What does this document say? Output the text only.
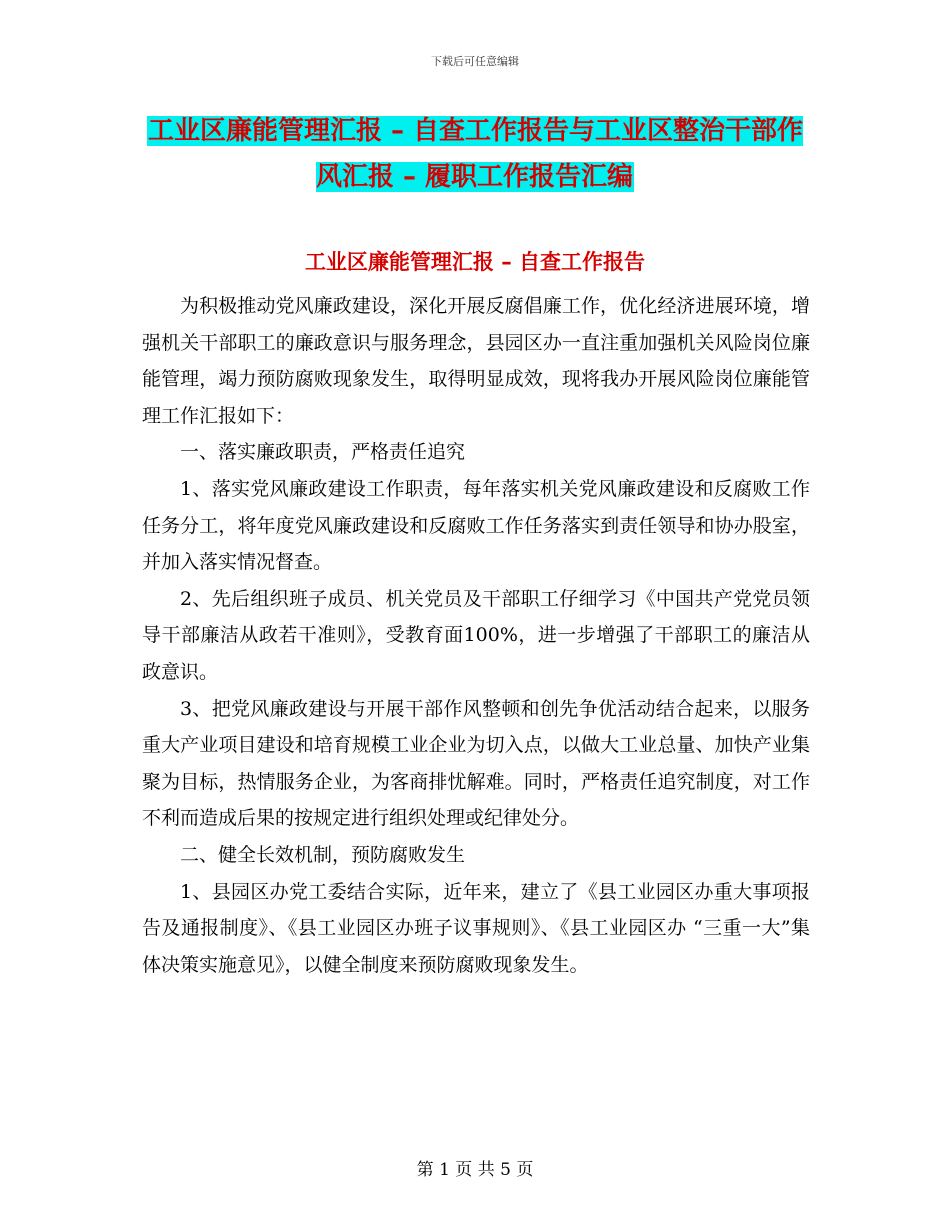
下载后可任意编辑
工业区廉能管理汇报 – 自查工作报告与工业区整治干部作风汇报 – 履职工作报告汇编
工业区廉能管理汇报 – 自查工作报告

为积极推动党风廉政建设，深化开展反腐倡廉工作，优化经济进展环境，增强机关干部职工的廉政意识与服务理念，县园区办一直注重加强机关风险岗位廉能管理，竭力预防腐败现象发生，取得明显成效，现将我办开展风险岗位廉能管理工作汇报如下：

一、落实廉政职责，严格责任追究

1、落实党风廉政建设工作职责，每年落实机关党风廉政建设和反腐败工作任务分工，将年度党风廉政建设和反腐败工作任务落实到责任领导和协办股室，并加入落实情况督查。

2、先后组织班子成员、机关党员及干部职工仔细学习《中国共产党党员领导干部廉洁从政若干准则》，受教育面100%，进一步增强了干部职工的廉洁从政意识。

3、把党风廉政建设与开展干部作风整顿和创先争优活动结合起来，以服务重大产业项目建设和培育规模工业企业为切入点，以做大工业总量、加快产业集聚为目标，热情服务企业，为客商排忧解难。同时，严格责任追究制度，对工作不利而造成后果的按规定进行组织处理或纪律处分。

二、健全长效机制，预防腐败发生

1、县园区办党工委结合实际，近年来，建立了《县工业园区办重大事项报告及通报制度》、《县工业园区办班子议事规则》、《县工业园区办 “三重一大”集体决策实施意见》，以健全制度来预防腐败现象发生。

第 1 页 共 5 页
